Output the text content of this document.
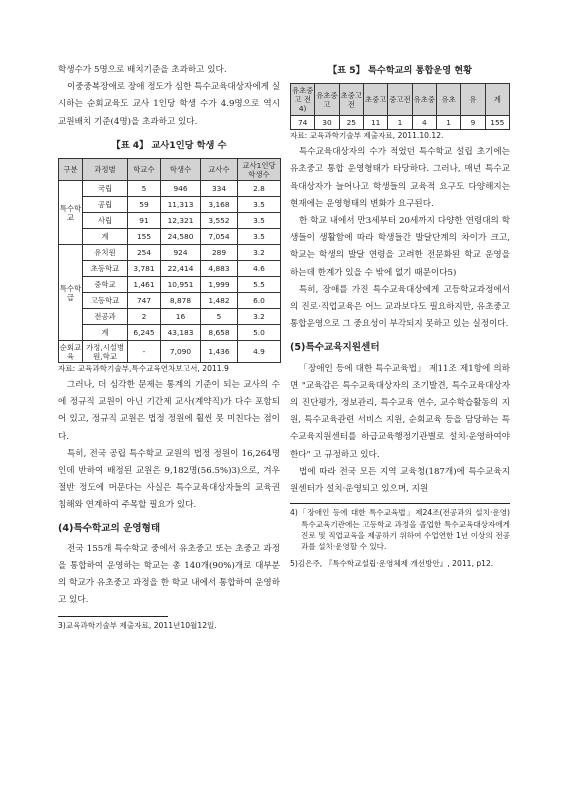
학생수가 5명으로 배치기준을 초과하고 있다.

이중중복장애로 장애 정도가 심한 특수교육대상자에게 실시하는 순회교육도 교사 1인당 학생 수가 4.9명으로 역시 교원배치 기준(4명)을 초과하고 있다.

【표 4】 교사1인당 학생 수

구분	과정별	학교수	학생수	교사수	교사1인당 학생수
특수학교	국립	5	946	334	2.8
	공립	59	11,313	3,168	3.5
	사립	91	12,321	3,552	3.5
	계	155	24,580	7,054	3.5
특수학급	유치원	254	924	289	3.2
	초등학교	3,781	22,414	4,883	4.6
	중학교	1,461	10,951	1,999	5.5
	고등학교	747	8,878	1,482	6.0
	전공과	2	16	5	3.2
	계	6,245	43,183	8,658	5.0
순회교육	가정,시설병원,학교	-	7,090	1,436	4.9

자료: 교육과학기술부,특수교육연차보고서, 2011.9

그러나, 더 심각한 문제는 통계의 기준이 되는 교사의 수에 정규직 교원이 아닌 기간제 교사(계약직)가 다수 포함되어 있고, 정규직 교원은 법정 정원에 훨씬 못 미친다는 점이다.

특히, 전국 공립 특수학교 교원의 법정 정원이 16,264명인데 반하여 배정된 교원은 9,182명(56.5%)3)으로, 겨우 절반 정도에 머문다는 사실은 특수교육대상자들의 교육권 침해와 연계하여 주목할 필요가 있다.

(4)특수학교의 운영형태

전국 155개 특수학교 중에서 유초중고 또는 초중고 과정을 통합하여 운영하는 학교는 총 140개(90%)개로 대부분의 학교가 유초중고 과정을 한 학교 내에서 통합하여 운영하고 있다.

3)교육과학기술부 제출자료, 2011년10월12일.

【표 5】 특수학교의 통합운영 현황

유초중고 전4)	유초중고	초중고전	초중고	중고전	유초중	유초	유	계
74	30	25	11	1	4	1	9	155

자료: 교육과학기술부 제출자료, 2011.10.12.

특수교육대상자의 수가 적었던 특수학교 설립 초기에는 유초중고 통합 운영형태가 타당하다. 그러나, 매년 특수교육대상자가 늘어나고 학생들의 교육적 요구도 다양해지는 현재에는 운영형태의 변화가 요구된다.

한 학교 내에서 만3세부터 20세까지 다양한 연령대의 학생들이 생활함에 따라 학생들간 발달단계의 차이가 크고, 학교는 학생의 발달 연령을 고려한 전문화된 학교 운영을 하는데 한계가 있을 수 밖에 없기 때문이다5)

특히, 장애를 가진 특수교육대상에게 고등학교과정에서의 진로·직업교육은 어느 교과보다도 필요하지만, 유초중고 통합운영으로 그 중요성이 부각되지 못하고 있는 실정이다.

(5)특수교육지원센터

「장애인 등에 대한 특수교육법」 제11조 제1항에 의하면 "교육감은 특수교육대상자의 조기발견, 특수교육대상자의 진단평가, 정보관리, 특수교육 연수, 교수학습활동의 지원, 특수교육관련 서비스 지원, 순회교육 등을 담당하는 특수교육지원센터를 하급교육행정기관별로 설치·운영하여야 한다" 고 규정하고 있다.

법에 따라 전국 모든 지역 교육청(187개)에 특수교육지원센터가 설치·운영되고 있으며, 지원

4)「장애인 등에 대한 특수교육법」제24조(전공과의 설치·운영) 특수교육기관에는 고등학교 과정을 졸업한 특수교육대상자에게 진로 및 직업교육을 제공하기 위하여 수업연한 1년 이상의 전공과를 설치·운영할 수 있다.

5)김은주, 『특수학교설립·운영체제 개선방안』, 2011, p12.
